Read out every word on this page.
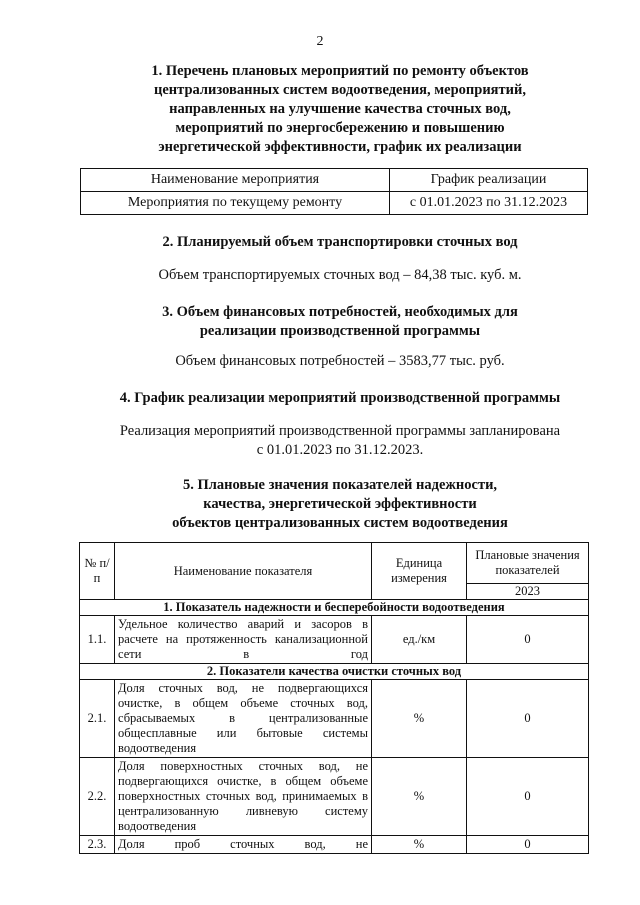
2
1. Перечень плановых мероприятий по ремонту объектов
централизованных систем водоотведения, мероприятий,
направленных на улучшение качества сточных вод,
мероприятий по энергосбережению и повышению
энергетической эффективности, график их реализации
Наименование мероприятия	График реализации
Мероприятия по текущему ремонту	с 01.01.2023 по 31.12.2023
2. Планируемый объем транспортировки сточных вод
Объем транспортируемых сточных вод – 84,38 тыс. куб. м.
3. Объем финансовых потребностей, необходимых для
реализации производственной программы
Объем финансовых потребностей – 3583,77 тыс. руб.
4. График реализации мероприятий производственной программы
Реализация мероприятий производственной программы запланирована
с 01.01.2023 по 31.12.2023.
5. Плановые значения показателей надежности,
качества, энергетической эффективности
объектов централизованных систем водоотведения
№ п/п	Наименование показателя	Единица измерения	Плановые значения показателей
			2023
1. Показатель надежности и бесперебойности водоотведения			
1.1.	Удельное количество аварий и засоров в расчете на протяженность канализационной сети в год	ед./км	0
2. Показатели качества очистки сточных вод			
2.1.	Доля сточных вод, не подвергающихся очистке, в общем объеме сточных вод, сбрасываемых в централизованные общесплавные или бытовые системы водоотведения	%	0
2.2.	Доля поверхностных сточных вод, не подвергающихся очистке, в общем объеме поверхностных сточных вод, принимаемых в централизованную ливневую систему водоотведения	%	0
2.3.	Доля проб сточных вод, не	%	0
